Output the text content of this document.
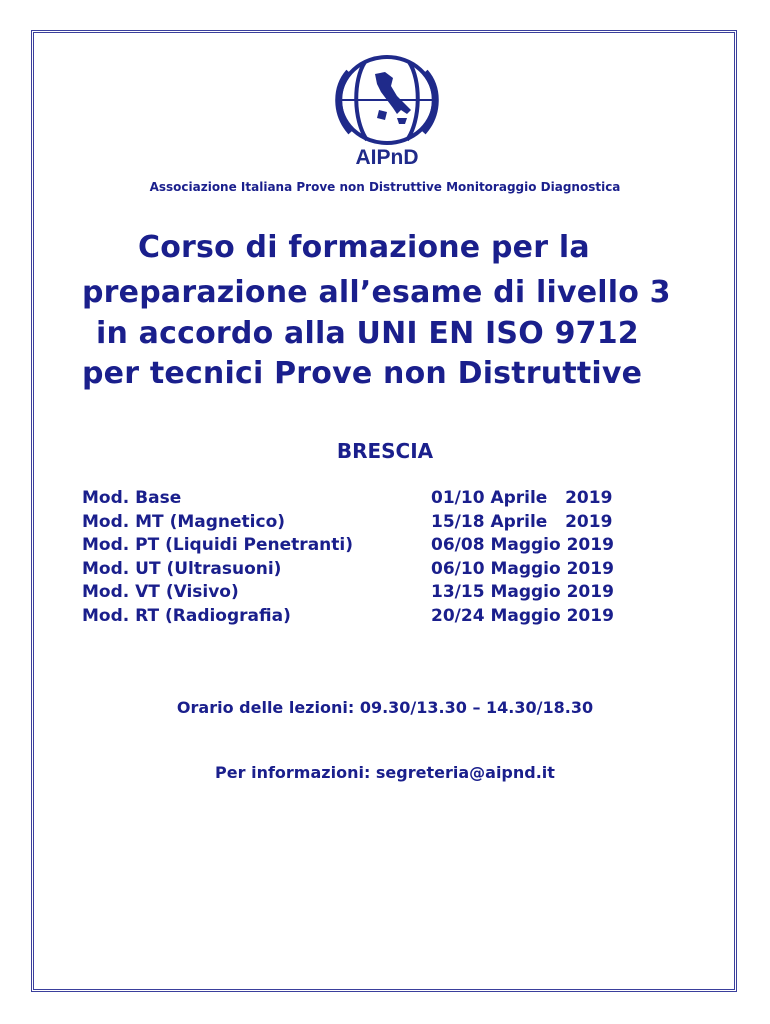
AIPnD
Associazione Italiana Prove non Distruttive Monitoraggio Diagnostica
Corso di formazione per la
preparazione all’esame di livello 3
in accordo alla UNI EN ISO 9712
per tecnici Prove non Distruttive
BRESCIA

Mod. Base

	01/10 Aprile   2019

Mod. MT (Magnetico)

	15/18 Aprile   2019

Mod. PT (Liquidi Penetranti)

	06/08 Maggio 2019

Mod. UT (Ultrasuoni)

	06/10 Maggio 2019

Mod. VT (Visivo)

	13/15 Maggio 2019

Mod. RT (Radiografia)

	20/24 Maggio 2019

Orario delle lezioni: 09.30/13.30 – 14.30/18.30
Per informazioni: segreteria@aipnd.it
